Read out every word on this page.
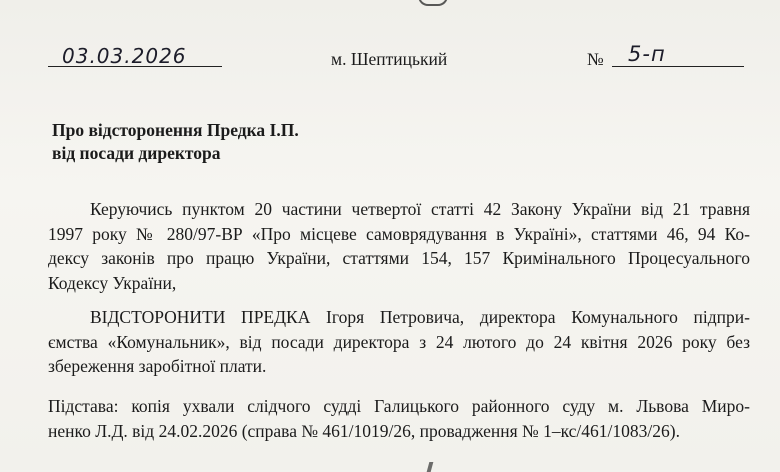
03.03.2026	м. Шептицький	№ 5-п
Про відсторонення Предка І.П.
від посади директора
Керуючись пунктом 20 частини четвертої статті 42 Закону України від 21 травня
1997 року № 280/97-ВР «Про місцеве самоврядування в Україні», статтями 46, 94 Ко-
дексу законів про працю України, статтями 154, 157 Кримінального Процесуального
Кодексу України,
ВІДСТОРОНИТИ ПРЕДКА Ігоря Петровича, директора Комунального підпри-
ємства «Комунальник», від посади директора з 24 лютого до 24 квітня 2026 року без
збереження заробітної плати.
Підстава: копія ухвали слідчого судді Галицького районного суду м. Львова Миро-
ненко Л.Д. від 24.02.2026 (справа № 461/1019/26, провадження № 1–кс/461/1083/26).
